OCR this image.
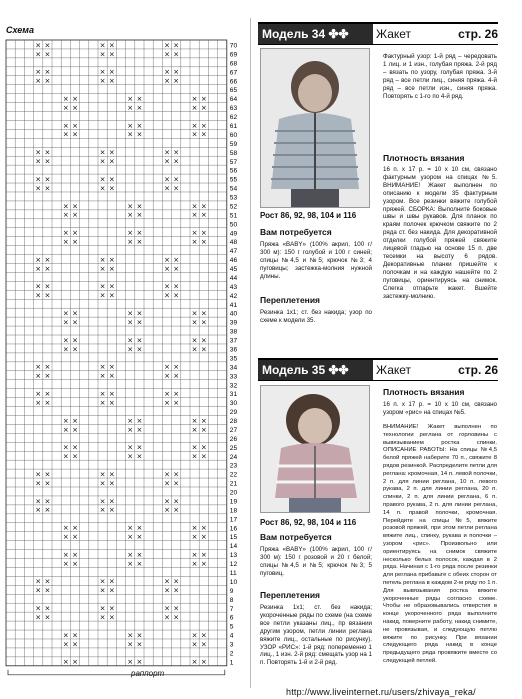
Схема
× ×	× ×	× ×
× ×	× ×	× ×
× ×	× ×	× ×
× ×	× ×	× ×
× ×	× ×	× ×
× ×	× ×	× ×
× ×	× ×	× ×
× ×	× ×	× ×
× ×	× ×	× ×
× ×	× ×	× ×
× ×	× ×	× ×
× ×	× ×	× ×
× ×	× ×	× ×
× ×	× ×	× ×
× ×	× ×	× ×
× ×	× ×	× ×
× ×	× ×	× ×
× ×	× ×	× ×
× ×	× ×	× ×
× ×	× ×	× ×
× ×	× ×	× ×
× ×	× ×	× ×
× ×	× ×	× ×
× ×	× ×	× ×
× ×	× ×	× ×
× ×	× ×	× ×
× ×	× ×	× ×
× ×	× ×	× ×
× ×	× ×	× ×
× ×	× ×	× ×
× ×	× ×	× ×
× ×	× ×	× ×
× ×	× ×	× ×
× ×	× ×	× ×
× ×	× ×	× ×
× ×	× ×	× ×
× ×	× ×	× ×
× ×	× ×	× ×
× ×	× ×	× ×
× ×	× ×	× ×
× ×	× ×	× ×
× ×	× ×	× ×
× ×	× ×	× ×
× ×	× ×	× ×
× ×	× ×	× ×
× ×	× ×	× ×
× ×	× ×	× ×
70
69
68
67
66
65
64
63
62
61
60
59
58
57
56
55
54
53
52
51
50
49
48
47
46
45
44
43
42
41
40
39
38
37
36
35
34
33
32
31
30
29
28
27
26
25
24
23
22
21
20
19
18
17
16
15
14
13
12
11
10
9
8
7
6
5
4
3
2
1
раппорт
Модель 34 ✤✤	Жакет	стр. 26
Рост 86, 92, 98, 104 и 116
Вам потребуется
Пряжа «BABY» (100% акрил, 100 г/ 300 м): 150 г голубой и 100 г синей; спицы №4,5 и №5; крючок №3; 4 пуговицы; застежка-молния нужной длины.
Переплетения
Резинка 1х1; ст. без накида; узор по схеме к модели 35.
Фактурный узор: 1-й ряд – чередовать 1 лиц. и 1 изн., голубая пряжа. 2-й ряд – вязать по узору, голубая пряжа. 3-й ряд – все петли лиц., синяя пряжа. 4-й ряд – все петли изн., синяя пряжа. Повторять с 1-го по 4-й ряд.
Плотность вязания
16 п. х 17 р. = 10 х 10 см, связано фактурным узором на спицах №5. ВНИМАНИЕ! Жакет выполнен по описанию к модели 35 фактурным узором. Все резинки вяжите голубой пряжей. СБОРКА: Выполните боковые швы и швы рукавов. Для планок по краям полочек крючком свяжите по 2 ряда ст. без накида. Для декоративной отделки голубой пряжей свяжите лицевой гладью на основе 15 п. две тесемки на высоту 6 рядов. Декоративные планки пришейте к полочкам и на каждую нашейте по 2 пуговицы, ориентируясь на снимок. Слегка отпарьте жакет. Вшейте застежку-молнию.
Модель 35 ✤✤	Жакет	стр. 26
Рост 86, 92, 98, 104 и 116
Вам потребуется
Пряжа «BABY» (100% акрил, 100 г/ 300 м): 150 г розовой и 20 г белой; спицы №4,5 и №5; крючок №3; 5 пуговиц.
Переплетения
Резинка 1х1; ст. без накида; укороченные ряды по схеме (на схеме все петли указаны лиц., пр вязании другим узором, петли линии реглана вяжите лиц., остальные по рисунку). УЗОР «РИС»: 1-й ряд: попеременно 1 лиц., 1 изн. 2-й ряд: смещать узор на 1 п. Повторять 1-й и 2-й ряд.
Плотность вязания
16 п. х 17 р. = 10 х 10 см, связано узором «рис» на спицах №5.
ВНИМАНИЕ! Жакет выполнен по технологии реглана от горловины с вывязыванием ростка спинки. ОПИСАНИЕ РАБОТЫ: На спицы №4,5 белой пряжей наберите 70 п., свяжите 8 рядов резинкой. Распределите петли для реглана: кромочная, 14 п. левой полочки, 2 п. для линии реглана, 10 п. левого рукава, 2 п. для линии реглана, 20 п. спинки, 2 п. для линии реглана, 6 п. правого рукава, 2 п. для линии реглана, 14 п. правой полочки, кромочная. Перейдите на спицы №5, вяжите розовой пряжей, при этом петли реглана вяжите лиц., спинку, рукава и полочки – узором «рис». Произвольно или ориентируясь на снимок свяжите несколько белых полосок, каждая в 2 ряда. Начиная с 1-го ряда после резинки для реглана прибавьте с обеих сторон от петель реглана в каждом 2-м ряду по 1 п. Для вывязывания ростка вяжите укороченные ряды согласно схеме. Чтобы не образовывались отверстия в конце укороченного ряда выполните накид, поверните работу, накид снимите, не провязывая, и следующую петлю вяжите по рисунку. При вязании следующего ряда накид в конце предыдущего ряда провяжите вместе со следующей петлей.
http://www.liveinternet.ru/users/zhivaya_reka/
